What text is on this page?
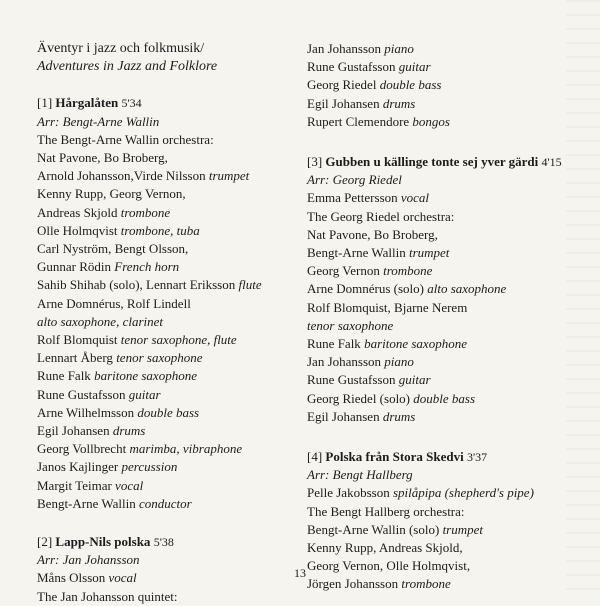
Äventyr i jazz och folkmusik/
Adventures in Jazz and Folklore
[1] Hårgalåten 5'34
Arr: Bengt-Arne Wallin
The Bengt-Arne Wallin orchestra:
Nat Pavone, Bo Broberg,
Arnold Johansson,Virde Nilsson trumpet
Kenny Rupp, Georg Vernon,
Andreas Skjold trombone
Olle Holmqvist trombone, tuba
Carl Nyström, Bengt Olsson,
Gunnar Rödin French horn
Sahib Shihab (solo), Lennart Eriksson flute
Arne Domnérus, Rolf Lindell
alto saxophone, clarinet
Rolf Blomquist tenor saxophone, flute
Lennart Åberg tenor saxophone
Rune Falk baritone saxophone
Rune Gustafsson guitar
Arne Wilhelmsson double bass
Egil Johansen drums
Georg Vollbrecht marimba, vibraphone
Janos Kajlinger percussion
Margit Teimar vocal
Bengt-Arne Wallin conductor
[2] Lapp-Nils polska 5'38
Arr: Jan Johansson
Måns Olsson vocal
The Jan Johansson quintet:
Jan Johansson piano
Rune Gustafsson guitar
Georg Riedel double bass
Egil Johansen drums
Rupert Clemendore bongos
[3] Gubben u källinge tonte sej yver gärdi 4'15
Arr: Georg Riedel
Emma Pettersson vocal
The Georg Riedel orchestra:
Nat Pavone, Bo Broberg,
Bengt-Arne Wallin trumpet
Georg Vernon trombone
Arne Domnérus (solo) alto saxophone
Rolf Blomquist, Bjarne Nerem
tenor saxophone
Rune Falk baritone saxophone
Jan Johansson piano
Rune Gustafsson guitar
Georg Riedel (solo) double bass
Egil Johansen drums
[4] Polska från Stora Skedvi 3'37
Arr: Bengt Hallberg
Pelle Jakobsson spilåpipa (shepherd's pipe)
The Bengt Hallberg orchestra:
Bengt-Arne Wallin (solo) trumpet
Kenny Rupp, Andreas Skjold,
Georg Vernon, Olle Holmqvist,
Jörgen Johansson trombone
13
